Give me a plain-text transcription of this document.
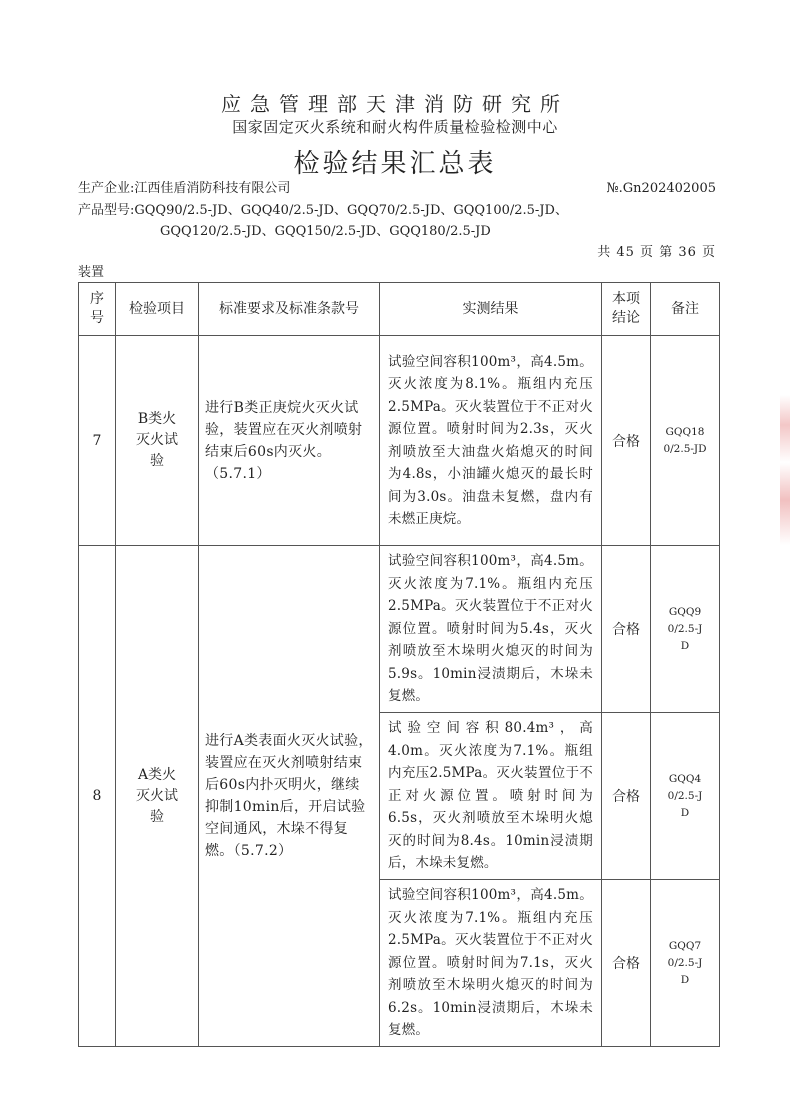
应急管理部天津消防研究所
国家固定灭火系统和耐火构件质量检验检测中心
检验结果汇总表
生产企业:江西佳盾消防科技有限公司	№.Gn202402005
产品型号:GQQ90/2.5-JD、GQQ40/2.5-JD、GQQ70/2.5-JD、GQQ100/2.5-JD、
GQQ120/2.5-JD、GQQ150/2.5-JD、GQQ180/2.5-JD
共 45 页 第 36 页
装置
序号	检验项目	标准要求及标准条款号	实测结果	本项结论	备注
7	B类火灭火试验	进行B类正庚烷火灭火试验，装置应在灭火剂喷射结束后60s内灭火。（5.7.1）	试验空间容积100m³，高4.5m。灭火浓度为8.1%。瓶组内充压2.5MPa。灭火装置位于不正对火源位置。喷射时间为2.3s，灭火剂喷放至大油盘火焰熄灭的时间为4.8s，小油罐火熄灭的最长时间为3.0s。油盘未复燃，盘内有未燃正庚烷。	合格	GQQ180/2.5-JD

8	A类火灭火试验	进行A类表面火灭火试验，装置应在灭火剂喷射结束后60s内扑灭明火，继续抑制10min后，开启试验空间通风，木垛不得复燃。（5.7.2）	试验空间容积100m³，高4.5m。灭火浓度为7.1%。瓶组内充压2.5MPa。灭火装置位于不正对火源位置。喷射时间为5.4s，灭火剂喷放至木垛明火熄灭的时间为5.9s。10min浸渍期后，木垛未复燃。	合格	GQQ90/2.5-JD

			试验空间容积80.4m³，高4.0m。灭火浓度为7.1%。瓶组内充压2.5MPa。灭火装置位于不正对火源位置。喷射时间为6.5s，灭火剂喷放至木垛明火熄灭的时间为8.4s。10min浸渍期后，木垛未复燃。	合格	GQQ40/2.5-JD

			试验空间容积100m³，高4.5m。灭火浓度为7.1%。瓶组内充压2.5MPa。灭火装置位于不正对火源位置。喷射时间为7.1s，灭火剂喷放至木垛明火熄灭的时间为6.2s。10min浸渍期后，木垛未复燃。	合格	GQQ70/2.5-JD
